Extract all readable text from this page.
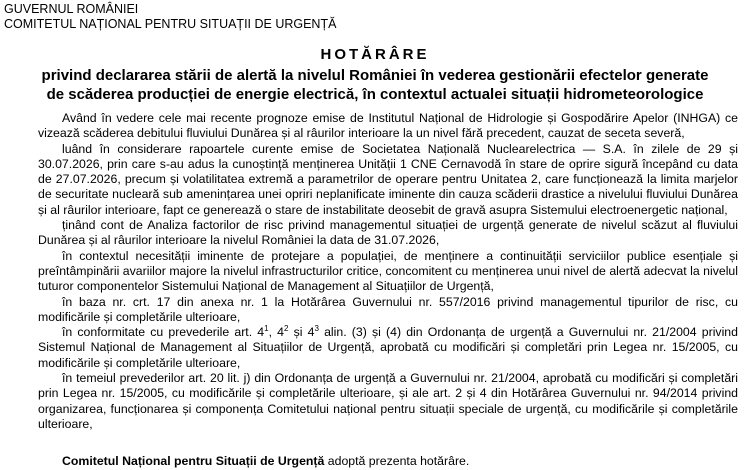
GUVERNUL ROMÂNIEI
COMITETUL NAȚIONAL PENTRU SITUAȚII DE URGENȚĂ
HOTĂRÂRE
privind declararea stării de alertă la nivelul României în vederea gestionării efectelor generate
de scăderea producției de energie electrică, în contextul actualei situații hidrometeorologice

Având în vedere cele mai recente prognoze emise de Institutul Național de Hidrologie și Gospodărire Apelor (INHGA) ce vizează scăderea debitului fluviului Dunărea și al râurilor interioare la un nivel fără precedent, cauzat de seceta severă,

luând în considerare rapoartele curente emise de Societatea Națională Nuclearelectrica — S.A. în zilele de 29 și 30.07.2026, prin care s-au adus la cunoștință menținerea Unității 1 CNE Cernavodă în stare de oprire sigură începând cu data de 27.07.2026, precum și volatilitatea extremă a parametrilor de operare pentru Unitatea 2, care funcționează la limita marjelor de securitate nucleară sub amenințarea unei opriri neplanificate iminente din cauza scăderii drastice a nivelului fluviului Dunărea și al râurilor interioare, fapt ce generează o stare de instabilitate deosebit de gravă asupra Sistemului electroenergetic național,

ținând cont de Analiza factorilor de risc privind managementul situației de urgență generate de nivelul scăzut al fluviului Dunărea și al râurilor interioare la nivelul României la data de 31.07.2026,

în contextul necesității iminente de protejare a populației, de menținere a continuității serviciilor publice esențiale și preîntâmpinării avariilor majore la nivelul infrastructurilor critice, concomitent cu menținerea unui nivel de alertă adecvat la nivelul tuturor componentelor Sistemului Național de Management al Situațiilor de Urgență,

în baza nr. crt. 17 din anexa nr. 1 la Hotărârea Guvernului nr. 557/2016 privind managementul tipurilor de risc, cu modificările și completările ulterioare,

în conformitate cu prevederile art. $4^1$, $4^2$ și $4^3$ alin. (3) și (4) din Ordonanța de urgență a Guvernului nr. 21/2004 privind Sistemul Național de Management al Situațiilor de Urgență, aprobată cu modificări și completări prin Legea nr. 15/2005, cu modificările și completările ulterioare,

în temeiul prevederilor art. 20 lit. j) din Ordonanța de urgență a Guvernului nr. 21/2004, aprobată cu modificări și completări prin Legea nr. 15/2005, cu modificările și completările ulterioare, și ale art. 2 și 4 din Hotărârea Guvernului nr. 94/2014 privind organizarea, funcționarea și componența Comitetului național pentru situații speciale de urgență, cu modificările și completările ulterioare,

Comitetul Național pentru Situații de Urgență adoptă prezenta hotărâre.
